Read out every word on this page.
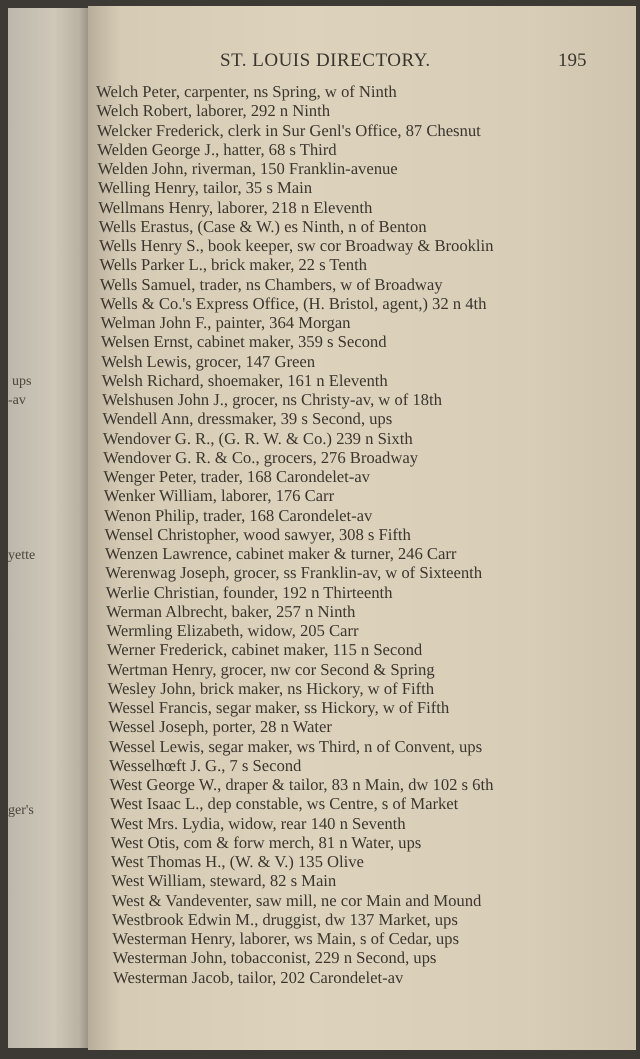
ups
-av
yette
ger's
ST. LOUIS DIRECTORY.	195
Welch Peter, carpenter, ns Spring, w of Ninth
Welch Robert, laborer, 292 n Ninth
Welcker Frederick, clerk in Sur Genl's Office, 87 Chesnut
Welden George J., hatter, 68 s Third
Welden John, riverman, 150 Franklin-avenue
Welling Henry, tailor, 35 s Main
Wellmans Henry, laborer, 218 n Eleventh
Wells Erastus, (Case & W.) es Ninth, n of Benton
Wells Henry S., book keeper, sw cor Broadway & Brooklin
Wells Parker L., brick maker, 22 s Tenth
Wells Samuel, trader, ns Chambers, w of Broadway
Wells & Co.'s Express Office, (H. Bristol, agent,) 32 n 4th
Welman John F., painter, 364 Morgan
Welsen Ernst, cabinet maker, 359 s Second
Welsh Lewis, grocer, 147 Green
Welsh Richard, shoemaker, 161 n Eleventh
Welshusen John J., grocer, ns Christy-av, w of 18th
Wendell Ann, dressmaker, 39 s Second, ups
Wendover G. R., (G. R. W. & Co.) 239 n Sixth
Wendover G. R. & Co., grocers, 276 Broadway
Wenger Peter, trader, 168 Carondelet-av
Wenker William, laborer, 176 Carr
Wenon Philip, trader, 168 Carondelet-av
Wensel Christopher, wood sawyer, 308 s Fifth
Wenzen Lawrence, cabinet maker & turner, 246 Carr
Werenwag Joseph, grocer, ss Franklin-av, w of Sixteenth
Werlie Christian, founder, 192 n Thirteenth
Werman Albrecht, baker, 257 n Ninth
Wermling Elizabeth, widow, 205 Carr
Werner Frederick, cabinet maker, 115 n Second
Wertman Henry, grocer, nw cor Second & Spring
Wesley John, brick maker, ns Hickory, w of Fifth
Wessel Francis, segar maker, ss Hickory, w of Fifth
Wessel Joseph, porter, 28 n Water
Wessel Lewis, segar maker, ws Third, n of Convent, ups
Wesselhœft J. G., 7 s Second
West George W., draper & tailor, 83 n Main, dw 102 s 6th
West Isaac L., dep constable, ws Centre, s of Market
West Mrs. Lydia, widow, rear 140 n Seventh
West Otis, com & forw merch, 81 n Water, ups
West Thomas H., (W. & V.) 135 Olive
West William, steward, 82 s Main
West & Vandeventer, saw mill, ne cor Main and Mound
Westbrook Edwin M., druggist, dw 137 Market, ups
Westerman Henry, laborer, ws Main, s of Cedar, ups
Westerman John, tobacconist, 229 n Second, ups
Westerman Jacob, tailor, 202 Carondelet-av
